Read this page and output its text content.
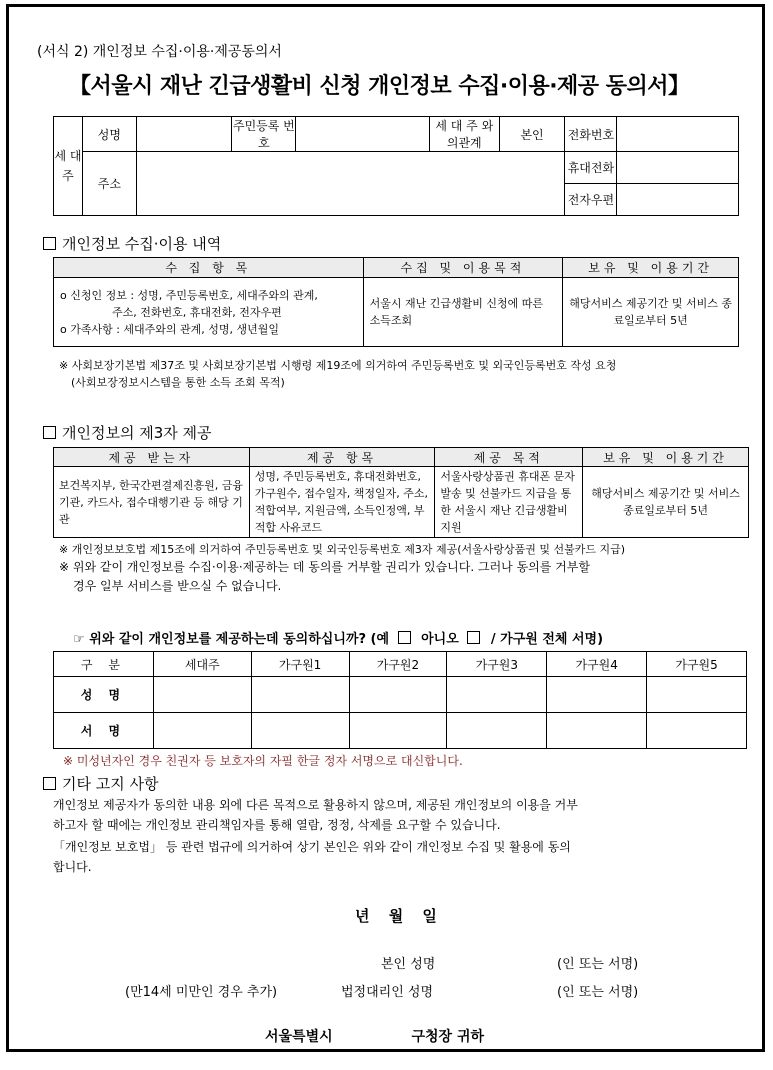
(서식 2) 개인정보 수집·이용·제공동의서
【서울시 재난 긴급생활비 신청 개인정보 수집·이용·제공 동의서】
세 대 주	성명		주민등록 번 호		세 대 주 와의관계	본인	전화번호	
	주소						휴대전화	
							전자우편	
개인정보 수집·이용 내역
수 집 항 목	수집 및 이용목적	보유 및 이용기간

o 신청인 정보 : 성명, 주민등록번호, 세대주와의 관계,
주소, 전화번호, 휴대전화, 전자우편
o 가족사항 : 세대주와의 관계, 성명, 생년월일	서울시 재난 긴급생활비 신청에 따른 소득조회	해당서비스 제공기간 및 서비스 종료일로부터 5년
※ 사회보장기본법 제37조 및 사회보장기본법 시행령 제19조에 의거하여 주민등록번호 및 외국인등록번호 작성 요청
(사회보장정보시스템을 통한 소득 조회 목적)
개인정보의 제3자 제공
제공 받는자	제공 항목	제공 목적	보유 및 이용기간
보건복지부, 한국간편결제진흥원, 금융기관, 카드사, 접수대행기관 등 해당 기관	성명, 주민등록번호, 휴대전화번호, 가구원수, 접수일자, 책정일자, 주소, 적합여부, 지원금액, 소득인정액, 부적합 사유코드	서울사랑상품권 휴대폰 문자 발송 및 선불카드 지급을 통한 서울시 재난 긴급생활비 지원	해당서비스 제공기간 및 서비스 종료일로부터 5년
※ 개인정보보호법 제15조에 의거하여 주민등록번호 및 외국인등록번호 제3자 제공(서울사랑상품권 및 선불카드 지급)
※ 위와 같이 개인정보를 수집·이용·제공하는 데 동의를 거부할 권리가 있습니다. 그러나 동의를 거부할
경우 일부 서비스를 받으실 수 없습니다.
☞ 위와 같이 개인정보를 제공하는데 동의하십니까? (예 아니오 / 가구원 전체 서명)
구 분	세대주	가구원1	가구원2	가구원3	가구원4	가구원5
성 명						
서 명						
※ 미성년자인 경우 친권자 등 보호자의 자필 한글 정자 서명으로 대신합니다.
기타 고지 사항
개인정보 제공자가 동의한 내용 외에 다른 목적으로 활용하지 않으며, 제공된 개인정보의 이용을 거부
하고자 할 때에는 개인정보 관리책임자를 통해 열람, 정정, 삭제를 요구할 수 있습니다.
「개인정보 보호법」 등 관련 법규에 의거하여 상기 본인은 위와 같이 개인정보 수집 및 활용에 동의
합니다.
년 월 일
본인 성명	(인 또는 서명)
(만14세 미만인 경우 추가)	법정대리인 성명	(인 또는 서명)
서울특별시	구청장 귀하
